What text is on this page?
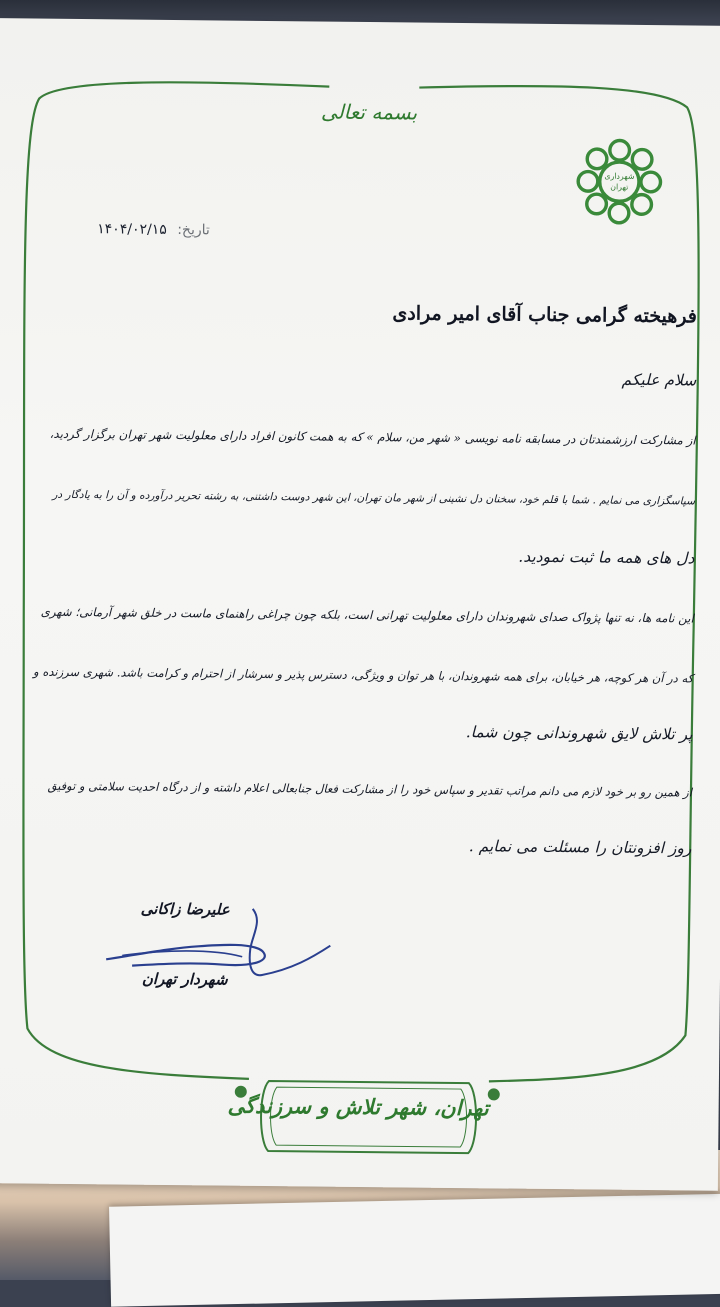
بسمه تعالی
شهرداری
تهران
تاریخ: ۱۴۰۴/۰۲/۱۵
فرهیخته گرامی جناب آقای امیر مرادی
سلام علیکم
از مشارکت ارزشمندتان در مسابقه نامه نویسی « شهر من، سلام » که به همت کانون افراد دارای معلولیت شهر تهران برگزار گردید،
سپاسگزاری می نمایم . شما با قلم خود، سخنان دل نشینی از شهر مان تهران، این شهر دوست داشتنی، به رشته تحریر درآورده و آن را به یادگار در
دل های همه ما ثبت نمودید.
این نامه ها، نه تنها پژواک صدای شهروندان دارای معلولیت تهرانی است، بلکه چون چراغی راهنمای ماست در خلق شهر آرمانی؛ شهری
که در آن هر کوچه، هر خیابان، برای همه شهروندان، با هر توان و ویژگی، دسترس پذیر و سرشار از احترام و کرامت باشد. شهری سرزنده و
پر تلاش لایق شهروندانی چون شما.
از همین رو بر خود لازم می دانم مراتب تقدیر و سپاس خود را از مشارکت فعال جنابعالی اعلام داشته و از درگاه احدیت سلامتی و توفیق
روز افزونتان را مسئلت می نمایم .
علیرضا زاکانی
شهردار تهران
تهران، شهر تلاش و سرزندگی
